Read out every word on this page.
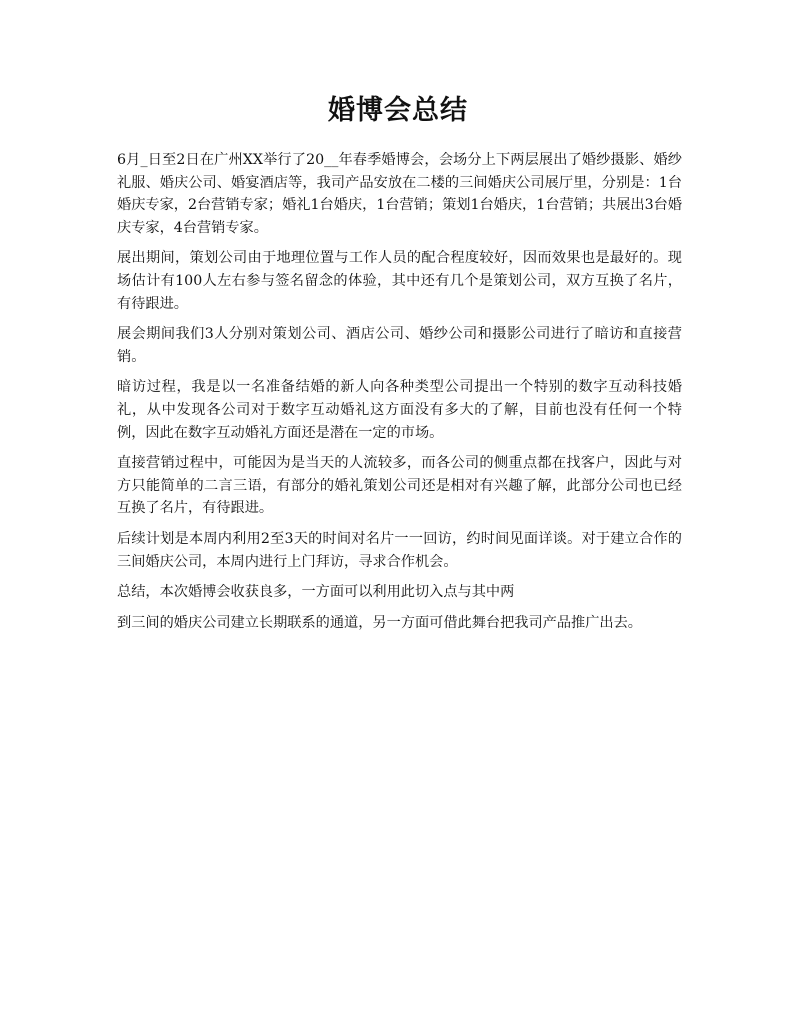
婚博会总结

6月_日至2日在广州XX举行了20__年春季婚博会，会场分上下两层展出了婚纱摄影、婚纱礼服、婚庆公司、婚宴酒店等，我司产品安放在二楼的三间婚庆公司展厅里，分别是：1台婚庆专家，2台营销专家；婚礼1台婚庆，1台营销；策划1台婚庆，1台营销；共展出3台婚庆专家，4台营销专家。

展出期间，策划公司由于地理位置与工作人员的配合程度较好，因而效果也是最好的。现场估计有100人左右参与签名留念的体验，其中还有几个是策划公司，双方互换了名片，有待跟进。

展会期间我们3人分别对策划公司、酒店公司、婚纱公司和摄影公司进行了暗访和直接营销。

暗访过程，我是以一名准备结婚的新人向各种类型公司提出一个特别的数字互动科技婚礼，从中发现各公司对于数字互动婚礼这方面没有多大的了解，目前也没有任何一个特例，因此在数字互动婚礼方面还是潜在一定的市场。

直接营销过程中，可能因为是当天的人流较多，而各公司的侧重点都在找客户，因此与对方只能简单的二言三语，有部分的婚礼策划公司还是相对有兴趣了解，此部分公司也已经互换了名片，有待跟进。

后续计划是本周内利用2至3天的时间对名片一一回访，约时间见面详谈。对于建立合作的三间婚庆公司，本周内进行上门拜访，寻求合作机会。

总结，本次婚博会收获良多，一方面可以利用此切入点与其中两

到三间的婚庆公司建立长期联系的通道，另一方面可借此舞台把我司产品推广出去。
